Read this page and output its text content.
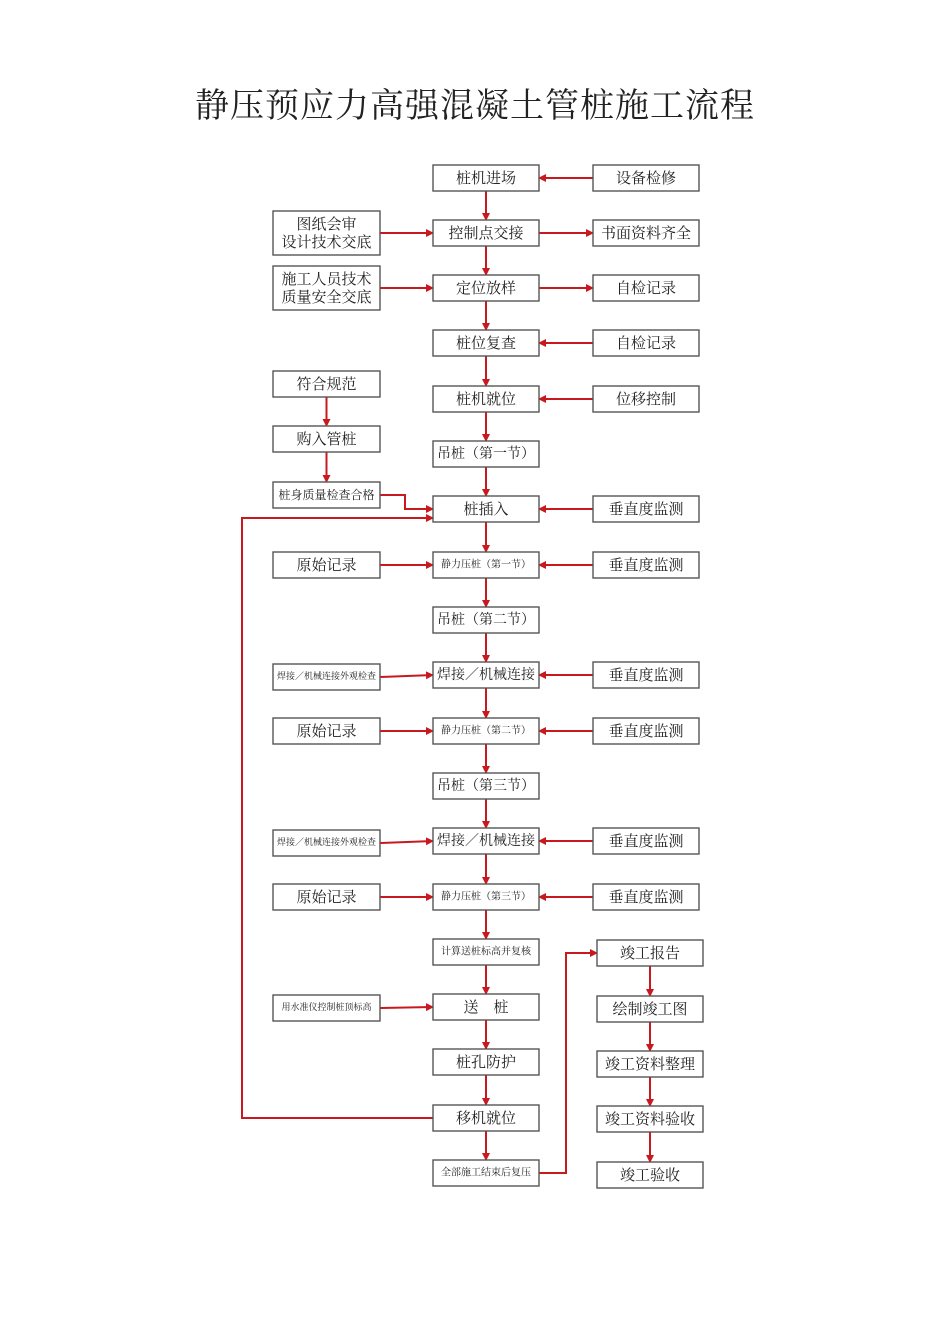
静压预应力高强混凝土管桩施工流程
桩机进场
控制点交接
定位放样
桩位复查
桩机就位
吊桩（第一节）
桩插入
静力压桩（第一节）
吊桩（第二节）
焊接／机械连接
静力压桩（第二节）
吊桩（第三节）
焊接／机械连接
静力压桩（第三节）
计算送桩标高并复核
送　桩
桩孔防护
移机就位
全部施工结束后复压
设备检修
书面资料齐全
自检记录
自检记录
位移控制
垂直度监测
垂直度监测
垂直度监测
垂直度监测
垂直度监测
垂直度监测
图纸会审
设计技术交底
施工人员技术
质量安全交底
符合规范
购入管桩
桩身质量检查合格
原始记录
焊接／机械连接外观检查
原始记录
焊接／机械连接外观检查
原始记录
用水准仪控制桩顶标高
竣工报告
绘制竣工图
竣工资料整理
竣工资料验收
竣工验收
